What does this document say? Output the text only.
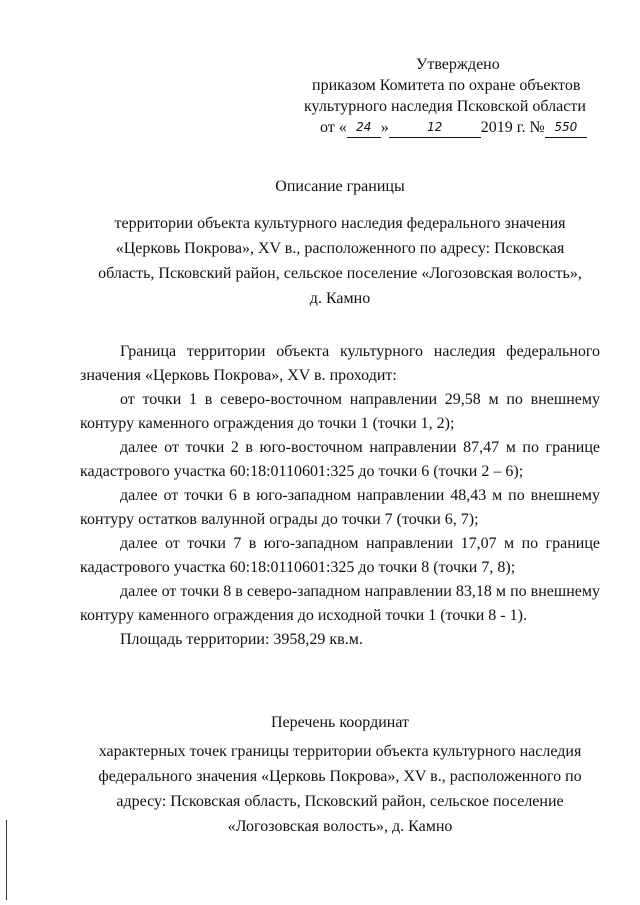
Утверждено
приказом Комитета по охране объектов
культурного наследия Псковской области
от « 24 »	12 2019 г. № 550
Описание границы
территории объекта культурного наследия федерального значения
«Церковь Покрова», XV в., расположенного по адресу: Псковская
область, Псковский район, сельское поселение «Логозовская волость»,
д. Камно

Граница территории объекта культурного наследия федерального значения «Церковь Покрова», XV в. проходит:

от точки 1 в северо-восточном направлении 29,58 м по внешнему контуру каменного ограждения до точки 1 (точки 1, 2);

далее от точки 2 в юго-восточном направлении 87,47 м по границе кадастрового участка 60:18:0110601:325 до точки 6 (точки 2 – 6);

далее от точки 6 в юго-западном направлении 48,43 м по внешнему контуру остатков валунной ограды до точки 7 (точки 6, 7);

далее от точки 7 в юго-западном направлении 17,07 м по границе кадастрового участка 60:18:0110601:325 до точки 8 (точки 7, 8);

далее от точки 8 в северо-западном направлении 83,18 м по внешнему контуру каменного ограждения до исходной точки 1 (точки 8 - 1).

Площадь территории: 3958,29 кв.м.

Перечень координат
характерных точек границы территории объекта культурного наследия
федерального значения «Церковь Покрова», XV в., расположенного по
адресу: Псковская область, Псковский район, сельское поселение
«Логозовская волость», д. Камно
